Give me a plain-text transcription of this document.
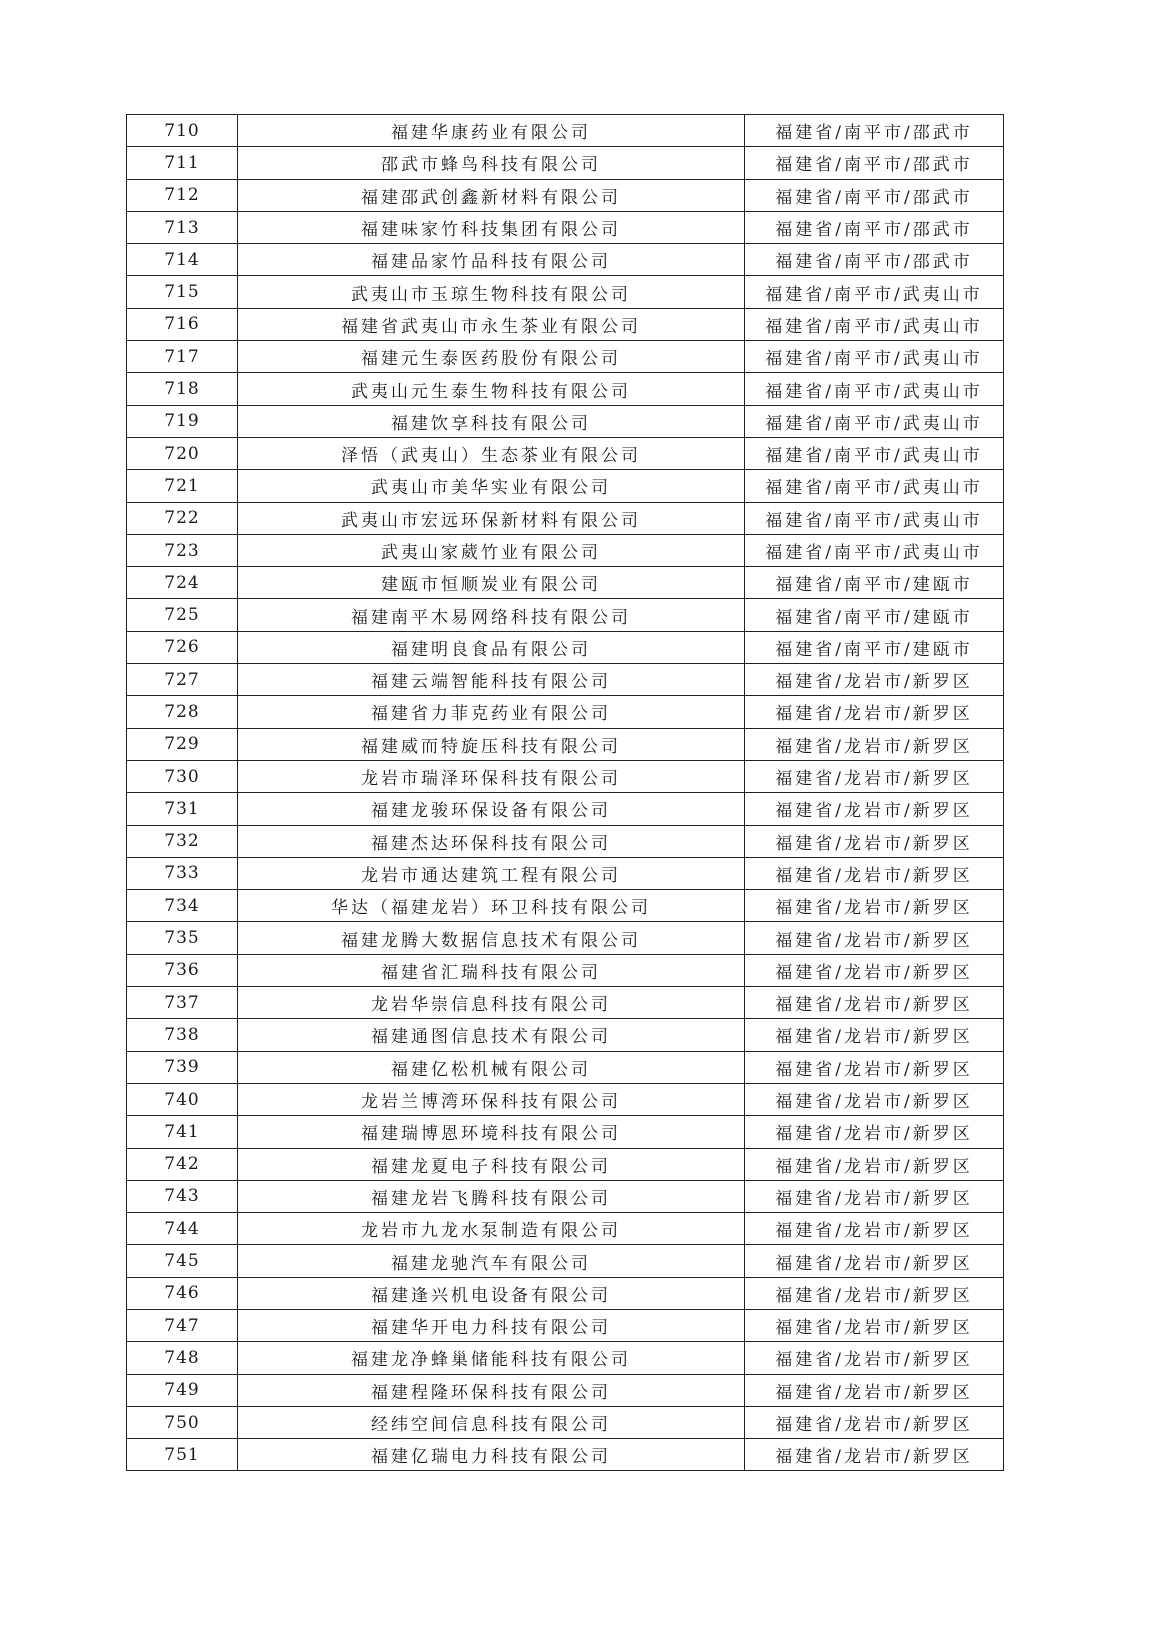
710	福建华康药业有限公司	福建省/南平市/邵武市
711	邵武市蜂鸟科技有限公司	福建省/南平市/邵武市
712	福建邵武创鑫新材料有限公司	福建省/南平市/邵武市
713	福建味家竹科技集团有限公司	福建省/南平市/邵武市
714	福建品家竹品科技有限公司	福建省/南平市/邵武市
715	武夷山市玉琼生物科技有限公司	福建省/南平市/武夷山市
716	福建省武夷山市永生茶业有限公司	福建省/南平市/武夷山市
717	福建元生泰医药股份有限公司	福建省/南平市/武夷山市
718	武夷山元生泰生物科技有限公司	福建省/南平市/武夷山市
719	福建饮享科技有限公司	福建省/南平市/武夷山市
720	泽悟（武夷山）生态茶业有限公司	福建省/南平市/武夷山市
721	武夷山市美华实业有限公司	福建省/南平市/武夷山市
722	武夷山市宏远环保新材料有限公司	福建省/南平市/武夷山市
723	武夷山家葳竹业有限公司	福建省/南平市/武夷山市
724	建瓯市恒顺炭业有限公司	福建省/南平市/建瓯市
725	福建南平木易网络科技有限公司	福建省/南平市/建瓯市
726	福建明良食品有限公司	福建省/南平市/建瓯市
727	福建云端智能科技有限公司	福建省/龙岩市/新罗区
728	福建省力菲克药业有限公司	福建省/龙岩市/新罗区
729	福建威而特旋压科技有限公司	福建省/龙岩市/新罗区
730	龙岩市瑞泽环保科技有限公司	福建省/龙岩市/新罗区
731	福建龙骏环保设备有限公司	福建省/龙岩市/新罗区
732	福建杰达环保科技有限公司	福建省/龙岩市/新罗区
733	龙岩市通达建筑工程有限公司	福建省/龙岩市/新罗区
734	华达（福建龙岩）环卫科技有限公司	福建省/龙岩市/新罗区
735	福建龙腾大数据信息技术有限公司	福建省/龙岩市/新罗区
736	福建省汇瑞科技有限公司	福建省/龙岩市/新罗区
737	龙岩华崇信息科技有限公司	福建省/龙岩市/新罗区
738	福建通图信息技术有限公司	福建省/龙岩市/新罗区
739	福建亿松机械有限公司	福建省/龙岩市/新罗区
740	龙岩兰博湾环保科技有限公司	福建省/龙岩市/新罗区
741	福建瑞博恩环境科技有限公司	福建省/龙岩市/新罗区
742	福建龙夏电子科技有限公司	福建省/龙岩市/新罗区
743	福建龙岩飞腾科技有限公司	福建省/龙岩市/新罗区
744	龙岩市九龙水泵制造有限公司	福建省/龙岩市/新罗区
745	福建龙驰汽车有限公司	福建省/龙岩市/新罗区
746	福建逢兴机电设备有限公司	福建省/龙岩市/新罗区
747	福建华开电力科技有限公司	福建省/龙岩市/新罗区
748	福建龙净蜂巢储能科技有限公司	福建省/龙岩市/新罗区
749	福建程隆环保科技有限公司	福建省/龙岩市/新罗区
750	经纬空间信息科技有限公司	福建省/龙岩市/新罗区
751	福建亿瑞电力科技有限公司	福建省/龙岩市/新罗区
